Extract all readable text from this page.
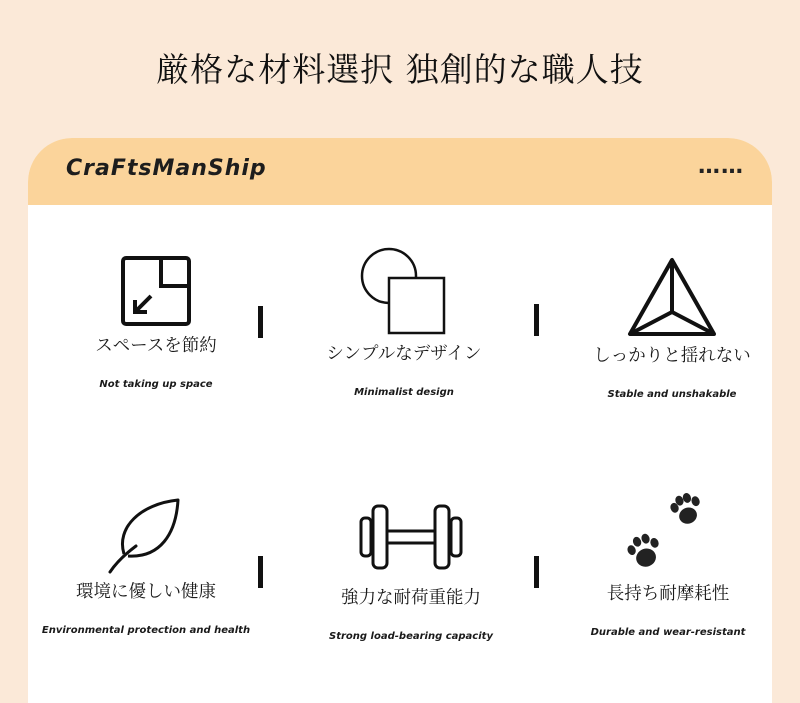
厳格な材料選択 独創的な職人技
CraFtsManShip	……
スペースを節約
Not taking up space
シンプルなデザイン
Minimalist design
しっかりと揺れない
Stable and unshakable
環境に優しい健康
Environmental protection and health
強力な耐荷重能力
Strong load-bearing capacity
長持ち耐摩耗性
Durable and wear-resistant
